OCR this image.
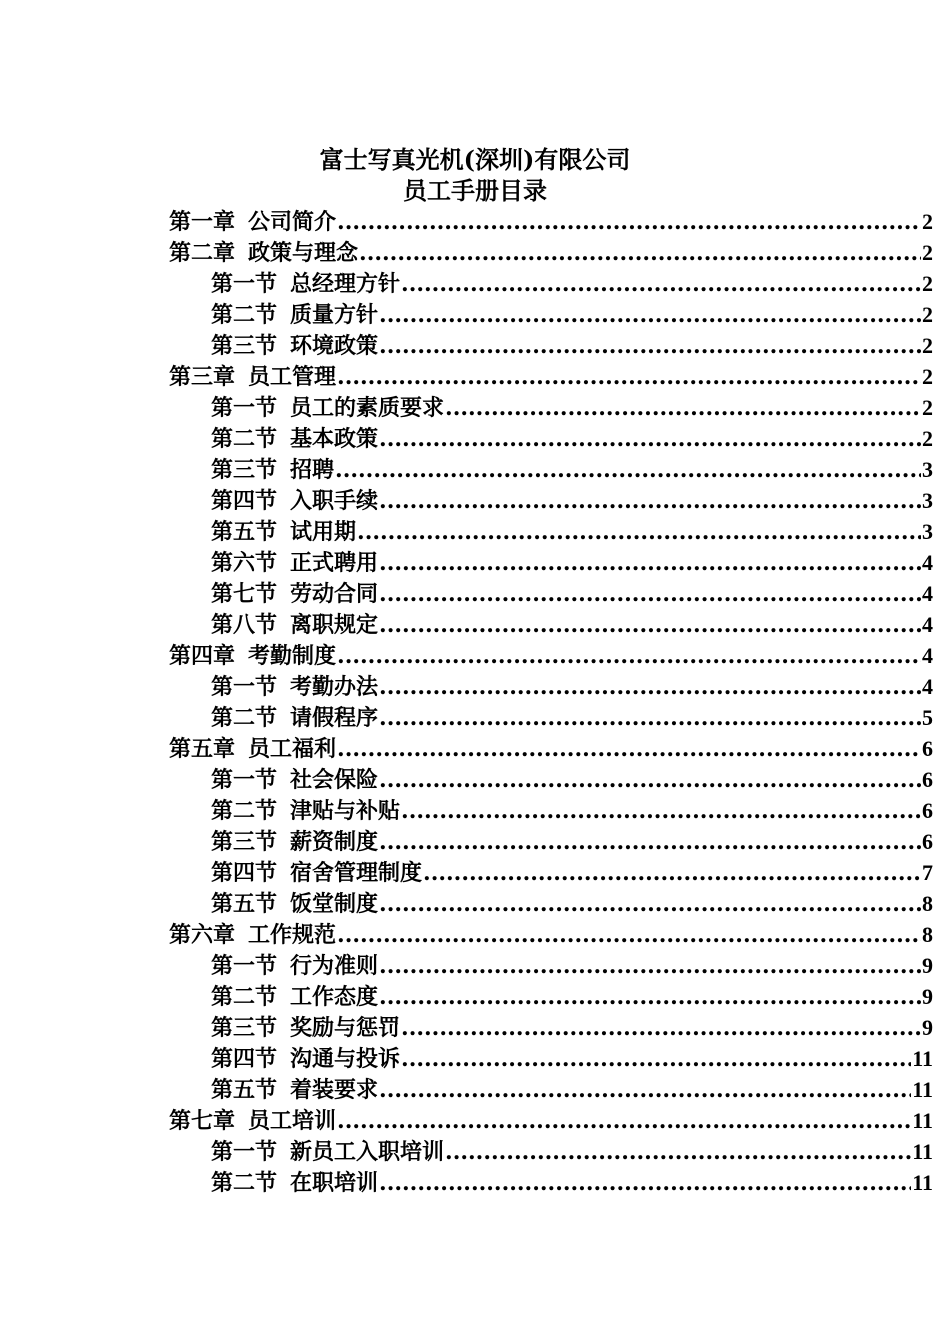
富士写真光机(深圳)有限公司
员工手册目录
第一章 公司简介 .....	2
第二章 政策与理念 .....	2
第一节 总经理方针 .....	2
第二节 质量方针 .....	2
第三节 环境政策 .....	2
第三章 员工管理 .....	2
第一节 员工的素质要求 .....	2
第二节 基本政策 .....	2
第三节 招聘 .....	3
第四节 入职手续 .....	3
第五节 试用期 .....	3
第六节 正式聘用 .....	4
第七节 劳动合同 .....	4
第八节 离职规定 .....	4
第四章 考勤制度 .....	4
第一节 考勤办法 .....	4
第二节 请假程序 .....	5
第五章 员工福利 .....	6
第一节 社会保险 .....	6
第二节 津贴与补贴 .....	6
第三节 薪资制度 .....	6
第四节 宿舍管理制度 .....	7
第五节 饭堂制度 .....	8
第六章 工作规范 .....	8
第一节 行为准则 .....	9
第二节 工作态度 .....	9
第三节 奖励与惩罚 .....	9
第四节 沟通与投诉 .....	11
第五节 着装要求 .....	11
第七章 员工培训 .....	11
第一节 新员工入职培训 .....	11
第二节 在职培训 .....	11
